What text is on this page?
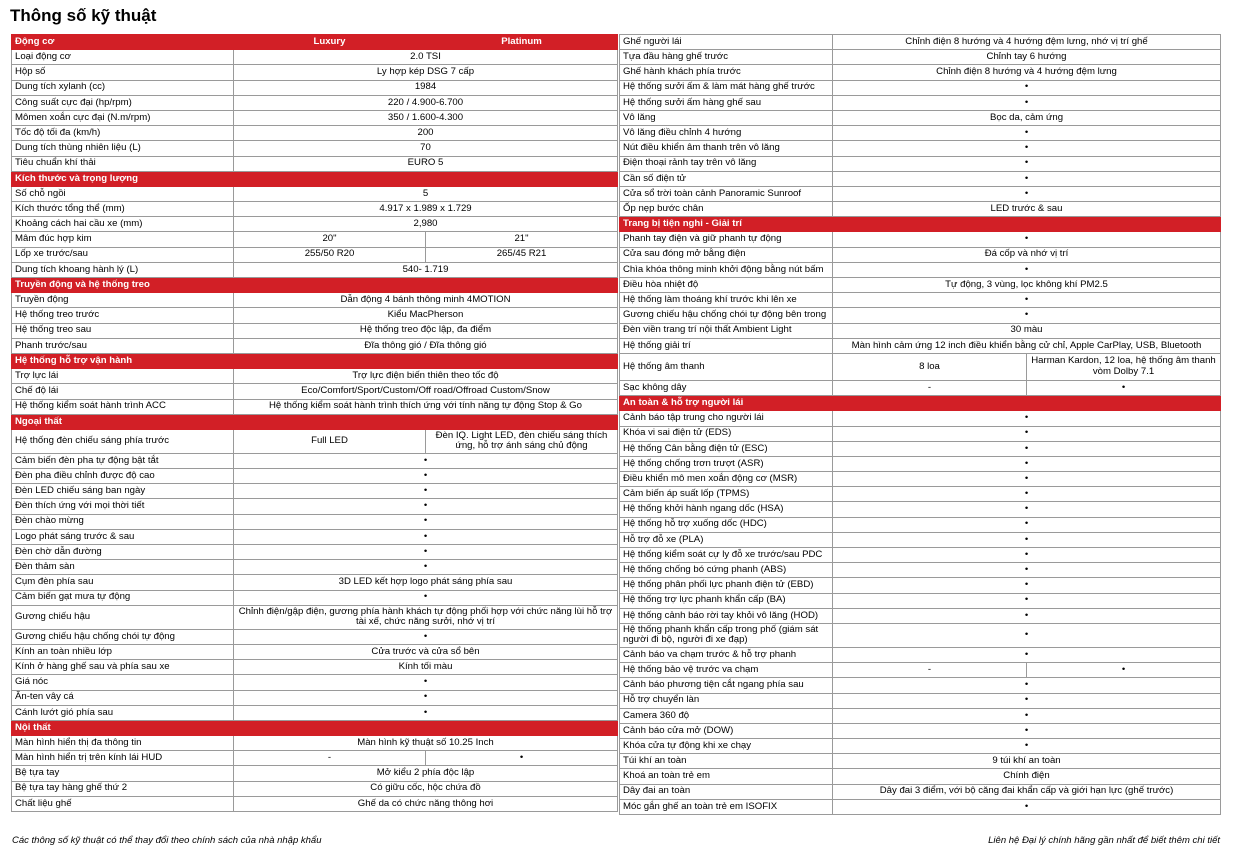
Thông số kỹ thuật
Động cơ	Luxury	Platinum
Loại động cơ	2.0 TSI	
Hộp số	Ly hợp kép DSG 7 cấp	
Dung tích xylanh (cc)	1984	
Công suất cực đại (hp/rpm)	220 / 4.900-6.700	
Mômen xoắn cực đại (N.m/rpm)	350 / 1.600-4.300	
Tốc độ tối đa (km/h)	200	
Dung tích thùng nhiên liệu (L)	70	
Tiêu chuẩn khí thải	EURO 5	
Kích thước và trọng lượng		
Số chỗ ngồi	5	
Kích thước tổng thể (mm)	4.917 x 1.989 x 1.729	
Khoảng cách hai cầu xe (mm)	2,980	
Mâm đúc hợp kim	20"	21"
Lốp xe trước/sau	255/50 R20	265/45 R21
Dung tích khoang hành lý (L)	540- 1.719	
Truyền động và hệ thống treo		
Truyền động	Dẫn động 4 bánh thông minh 4MOTION	
Hệ thống treo trước	Kiểu MacPherson	
Hệ thống treo sau	Hệ thống treo độc lập, đa điểm	
Phanh trước/sau	Đĩa thông gió / Đĩa thông gió	
Hệ thống hỗ trợ vận hành		
Trợ lực lái	Trợ lực điện biến thiên theo tốc độ	
Chế độ lái	Eco/Comfort/Sport/Custom/Off road/Offroad Custom/Snow	
Hệ thống kiểm soát hành trình ACC	Hệ thống kiểm soát hành trình thích ứng với tính năng tự động Stop & Go	
Ngoại thất		
Hệ thống đèn chiếu sáng phía trước	Full LED	Đèn IQ. Light LED, đèn chiếu sáng thích ứng, hỗ trợ ánh sáng chủ động
Cảm biến đèn pha tự động bật tắt	•	
Đèn pha điều chỉnh được độ cao	•	
Đèn LED chiếu sáng ban ngày	•	
Đèn thích ứng với mọi thời tiết	•	
Đèn chào mừng	•	
Logo phát sáng trước & sau	•	
Đèn chờ dẫn đường	•	
Đèn thảm sàn	•	
Cụm đèn phía sau	3D LED kết hợp logo phát sáng phía sau	
Cảm biến gạt mưa tự động	•	
Gương chiếu hậu	Chỉnh điện/gập điện, gương phía hành khách tự động phối hợp với chức năng lùi hỗ trợ tài xế, chức năng sưởi, nhớ vị trí	
Gương chiếu hậu chống chói tự động	•	
Kính an toàn nhiều lớp	Cửa trước và cửa sổ bên	
Kính ở hàng ghế sau và phía sau xe	Kính tối màu	
Giá nóc	•	
Ăn-ten vây cá	•	
Cánh lướt gió phía sau	•	
Nội thất		
Màn hình hiển thị đa thông tin	Màn hình kỹ thuật số 10.25 Inch	
Màn hình hiển trị trên kính lái HUD	-	•
Bệ tựa tay	Mở kiểu 2 phía độc lập	
Bệ tựa tay hàng ghế thứ 2	Có giữu cốc, hộc chứa đồ	
Chất liệu ghế	Ghế da có chức năng thông hơi	
Ghế người lái	Chỉnh điện 8 hướng và 4 hướng đệm lưng, nhớ vị trí ghế	
Tựa đầu hàng ghế trước	Chỉnh tay 6 hướng	
Ghế hành khách phía trước	Chỉnh điện 8 hướng và 4 hướng đệm lưng	
Hệ thống sưởi ấm & làm mát hàng ghế trước	•	
Hệ thống sưởi ấm hàng ghế sau	•	
Vô lăng	Bọc da, cảm ứng	
Vô lăng điều chỉnh 4 hướng	•	
Nút điều khiển âm thanh trên vô lăng	•	
Điện thoại rảnh tay trên vô lăng	•	
Cần số điện tử	•	
Cửa sổ trời toàn cảnh Panoramic Sunroof	•	
Ốp nẹp bước chân	LED trước & sau	
Trang bị tiện nghi - Giải trí		
Phanh tay điện và giữ phanh tự động	•	
Cửa sau đóng mở bằng điện	Đá cốp và nhớ vị trí	
Chìa khóa thông minh khởi động bằng nút bấm	•	
Điều hòa nhiệt độ	Tự động, 3 vùng, lọc không khí PM2.5	
Hệ thống làm thoáng khí trước khi lên xe	•	
Gương chiếu hậu chống chói tự động bên trong	•	
Đèn viền trang trí nội thất Ambient Light	30 màu	
Hệ thống giải trí	Màn hình cảm ứng 12 inch điều khiển bằng cử chỉ, Apple CarPlay, USB, Bluetooth	
Hệ thống âm thanh	8 loa	Harman Kardon, 12 loa, hệ thống âm thanh vòm Dolby 7.1
Sạc không dây	-	•
An toàn & hỗ trợ người lái		
Cảnh báo tập trung cho người lái	•	
Khóa vi sai điện tử (EDS)	•	
Hệ thống Cân bằng điện tử (ESC)	•	
Hệ thống chống trơn trượt (ASR)	•	
Điều khiển mô men xoắn động cơ (MSR)	•	
Cảm biến áp suất lốp (TPMS)	•	
Hệ thống khởi hành ngang dốc (HSA)	•	
Hệ thống hỗ trợ xuống dốc (HDC)	•	
Hỗ trợ đỗ xe (PLA)	•	
Hệ thống kiểm soát cự ly đỗ xe trước/sau PDC	•	
Hệ thống chống bó cứng phanh (ABS)	•	
Hệ thống phân phối lực phanh điện tử (EBD)	•	
Hệ thống trợ lực phanh khẩn cấp (BA)	•	
Hệ thống cảnh báo rời tay khỏi vô lăng (HOD)	•	
Hệ thống phanh khẩn cấp trong phố (giám sát người đi bộ, người đi xe đạp)	•	
Cảnh báo va chạm trước & hỗ trợ phanh	•	
Hệ thống bảo vệ trước va chạm	-	•
Cảnh báo phương tiện cắt ngang phía sau	•	
Hỗ trợ chuyển làn	•	
Camera 360 độ	•	
Cảnh báo cửa mở (DOW)	•	
Khóa cửa tự động khi xe chạy	•	
Túi khí an toàn	9 túi khí an toàn	
Khoá an toàn trẻ em	Chính điện	
Dây đai an toàn	Dây đai 3 điểm, với bộ căng đai khẩn cấp và giới hạn lực (ghế trước)	
Móc gắn ghế an toàn trẻ em ISOFIX	•	
Các thông số kỹ thuật có thể thay đổi theo chính sách của nhà nhập khẩu	Liên hệ Đại lý chính hãng gần nhất để biết thêm chi tiết
